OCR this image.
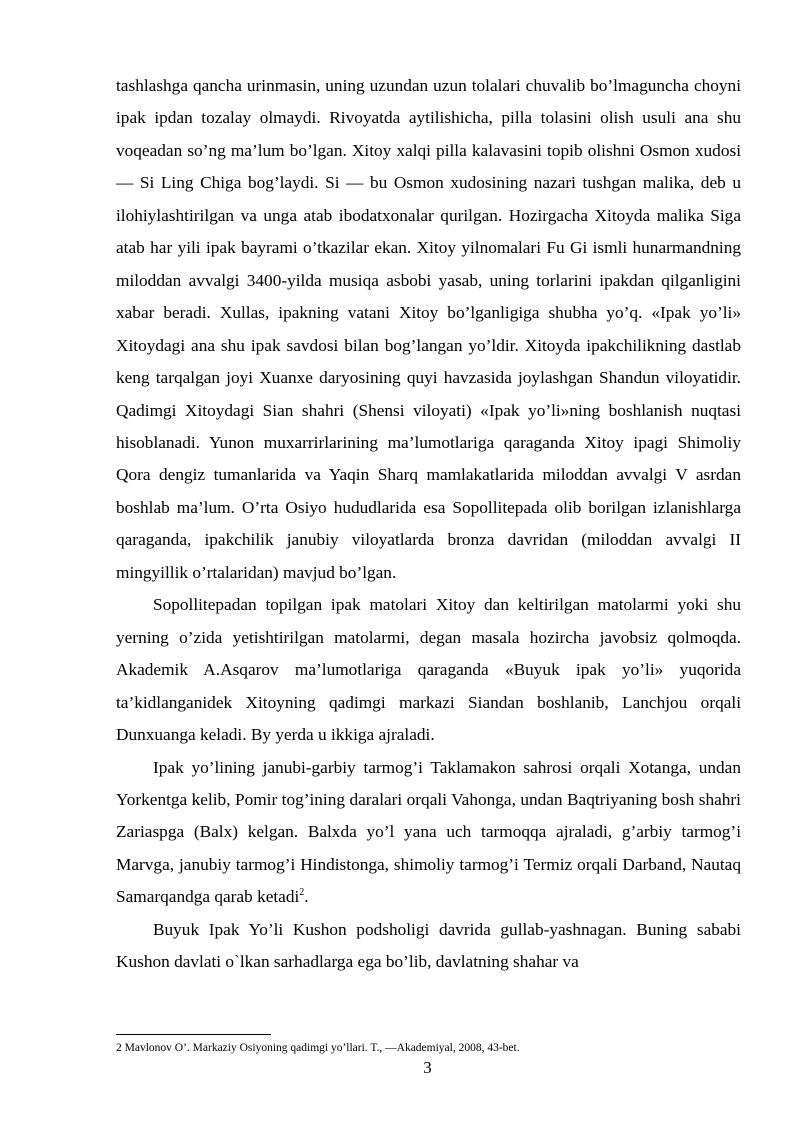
tashlashga qancha urinmasin, uning uzundan uzun tolalari chuvalib bo’lmaguncha choyni ipak ipdan tozalay olmaydi. Rivoyatda aytilishicha, pilla tolasini olish usuli ana shu voqeadan so’ng ma’lum bo’lgan. Xitoy xalqi pilla kalavasini topib olishni Osmon xudosi — Si Ling Chiga bog’laydi. Si — bu Osmon xudosining nazari tushgan malika, deb u ilohiylashtirilgan va unga atab ibodatxonalar qurilgan. Hozirgacha Xitoyda malika Siga atab har yili ipak bayrami o’tkazilar ekan. Xitoy yilnomalari Fu Gi ismli hunarmandning miloddan avvalgi 3400-yilda musiqa asbobi yasab, uning torlarini ipakdan qilganligini xabar beradi. Xullas, ipakning vatani Xitoy bo’lganligiga shubha yo’q. «Ipak yo’li» Xitoydagi ana shu ipak savdosi bilan bog’langan yo’ldir. Xitoyda ipakchilikning dastlab keng tarqalgan joyi Xuanxe daryosining quyi havzasida joylashgan Shandun viloyatidir. Qadimgi Xitoydagi Sian shahri (Shensi viloyati) «Ipak yo’li»ning boshlanish nuqtasi hisoblanadi. Yunon muxarrirlarining ma’lumotlariga qaraganda Xitoy ipagi Shimoliy Qora dengiz tumanlarida va Yaqin Sharq mamlakatlarida miloddan avvalgi V asrdan boshlab ma’lum. O’rta Osiyo hududlarida esa Sopollitepada olib borilgan izlanishlarga qaraganda, ipakchilik janubiy viloyatlarda bronza davridan (miloddan avvalgi II mingyillik o’rtalaridan) mavjud bo’lgan.

Sopollitepadan topilgan ipak matolari Xitoy dan keltirilgan matolarmi yoki shu yerning o’zida yetishtirilgan matolarmi, degan masala hozircha javobsiz qolmoqda. Akademik A.Asqarov ma’lumotlariga qaraganda «Buyuk ipak yo’li» yuqorida ta’kidlanganidek Xitoyning qadimgi markazi Siandan boshlanib, Lanchjou orqali Dunxuanga keladi. By yerda u ikkiga ajraladi.

Ipak yo’lining janubi-garbiy tarmog’i Taklamakon sahrosi orqali Xotanga, undan Yorkentga kelib, Pomir tog’ining daralari orqali Vahonga, undan Baqtriyaning bosh shahri Zariaspga (Balx) kelgan. Balxda yo’l yana uch tarmoqqa ajraladi, g’arbiy tarmog’i Marvga, janubiy tarmog’i Hindistonga, shimoliy tarmog’i Termiz orqali Darband, Nautaq Samarqandga qarab ketadi$^2$.

Buyuk Ipak Yo’li Kushon podsholigi davrida gullab-yashnagan. Buning sababi Kushon davlati o`lkan sarhadlarga ega bo’lib, davlatning shahar va

2 Mavlonov O’. Markaziy Osiyoning qadimgi yo’llari. T., —Akademiyal, 2008, 43-bet.
3
